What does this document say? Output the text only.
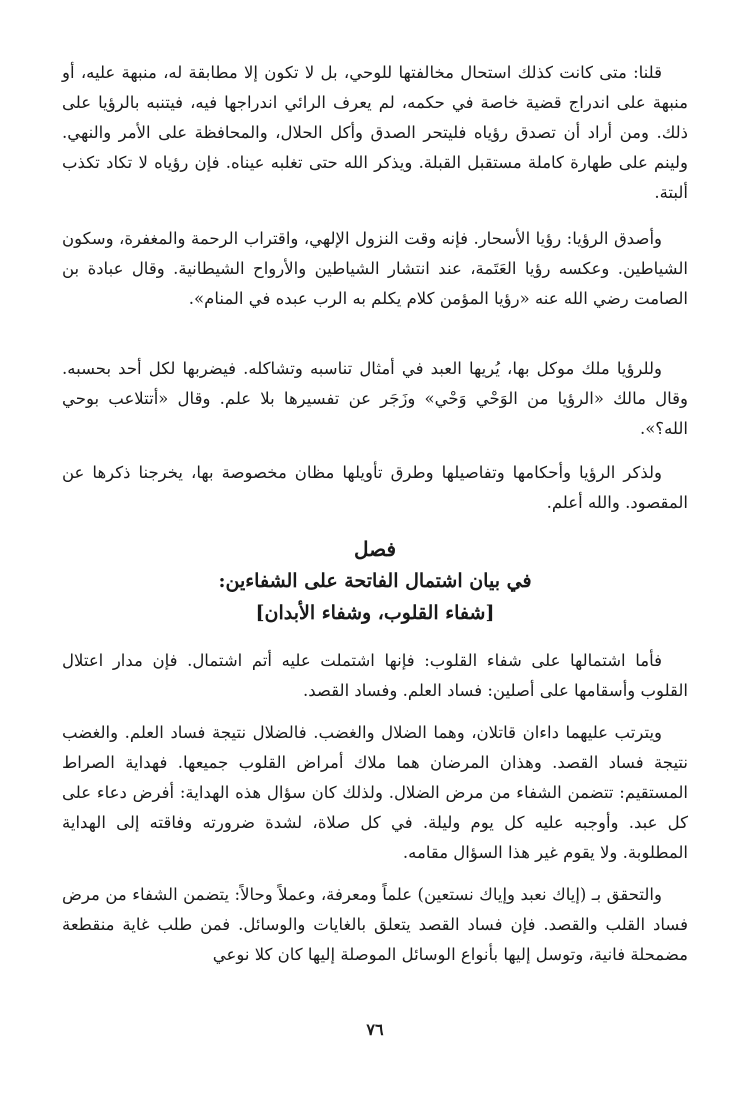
قلنا: متى كانت كذلك استحال مخالفتها للوحي، بل لا تكون إلا مطابقة له، منبهة عليه، أو منبهة على اندراج قضية خاصة في حكمه، لم يعرف الرائي اندراجها فيه، فيتنبه بالرؤيا على ذلك. ومن أراد أن تصدق رؤياه فليتحر الصدق وأكل الحلال، والمحافظة على الأمر والنهي. ولينم على طهارة كاملة مستقبل القبلة. ويذكر الله حتى تغلبه عيناه. فإن رؤياه لا تكاد تكذب ألبتة.

وأصدق الرؤيا: رؤيا الأسحار. فإنه وقت النزول الإلهي، واقتراب الرحمة والمغفرة، وسكون الشياطين. وعكسه رؤيا العَتَمة، عند انتشار الشياطين والأرواح الشيطانية. وقال عبادة بن الصامت رضي الله عنه «رؤيا المؤمن كلام يكلم به الرب عبده في المنام».

وللرؤيا ملك موكل بها، يُريها العبد في أمثال تناسبه وتشاكله. فيضربها لكل أحد بحسبه. وقال مالك «الرؤيا من الوَحْي وَحْي» وزَجَر عن تفسيرها بلا علم. وقال «أتتلاعب بوحي الله؟».

ولذكر الرؤيا وأحكامها وتفاصيلها وطرق تأويلها مظان مخصوصة بها، يخرجنا ذكرها عن المقصود. والله أعلم.

فصل
في بيان اشتمال الفاتحة على الشفاءين:
[شفاء القلوب، وشفاء الأبدان]

فأما اشتمالها على شفاء القلوب: فإنها اشتملت عليه أتم اشتمال. فإن مدار اعتلال القلوب وأسقامها على أصلين: فساد العلم. وفساد القصد.

ويترتب عليهما داءان قاتلان، وهما الضلال والغضب. فالضلال نتيجة فساد العلم. والغضب نتيجة فساد القصد. وهذان المرضان هما ملاك أمراض القلوب جميعها. فهداية الصراط المستقيم: تتضمن الشفاء من مرض الضلال. ولذلك كان سؤال هذه الهداية: أفرض دعاء على كل عبد. وأوجبه عليه كل يوم وليلة. في كل صلاة، لشدة ضرورته وفاقته إلى الهداية المطلوبة. ولا يقوم غير هذا السؤال مقامه.

والتحقق بـ (إياك نعبد وإياك نستعين) علماً ومعرفة، وعملاً وحالاً: يتضمن الشفاء من مرض فساد القلب والقصد. فإن فساد القصد يتعلق بالغايات والوسائل. فمن طلب غاية منقطعة مضمحلة فانية، وتوسل إليها بأنواع الوسائل الموصلة إليها كان كلا نوعي

٧٦
